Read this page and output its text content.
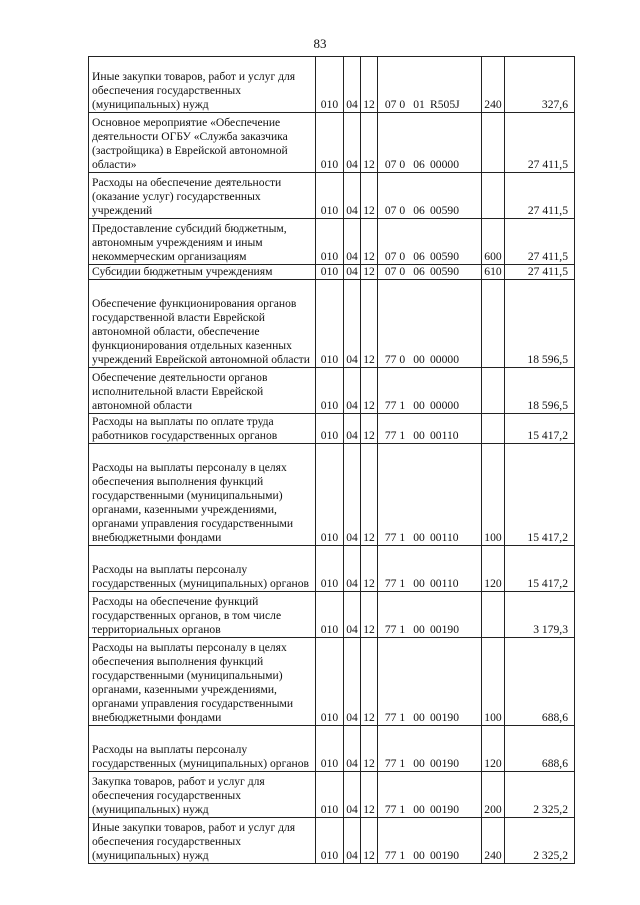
83
Иные закупки товаров, работ и услуг для обеспечения государственных (муниципальных) нужд	010	04	12	07 0 01 R505J	240	327,6
Основное мероприятие «Обеспечение деятельности ОГБУ «Служба заказчика (застройщика) в Еврейской автономной области»	010	04	12	07 0 06 00000		27 411,5
Расходы на обеспечение деятельности (оказание услуг) государственных учреждений	010	04	12	07 0 06 00590		27 411,5
Предоставление субсидий бюджетным, автономным учреждениям и иным некоммерческим организациям	010	04	12	07 0 06 00590	600	27 411,5
Субсидии бюджетным учреждениям	010	04	12	07 0 06 00590	610	27 411,5
Обеспечение функционирования органов государственной власти Еврейской автономной области, обеспечение функционирования отдельных казенных учреждений Еврейской автономной области	010	04	12	77 0 00 00000		18 596,5
Обеспечение деятельности органов исполнительной власти Еврейской автономной области	010	04	12	77 1 00 00000		18 596,5
Расходы на выплаты по оплате труда работников государственных органов	010	04	12	77 1 00 00110		15 417,2
Расходы на выплаты персоналу в целях обеспечения выполнения функций государственными (муниципальными) органами, казенными учреждениями, органами управления государственными внебюджетными фондами	010	04	12	77 1 00 00110	100	15 417,2
Расходы на выплаты персоналу государственных (муниципальных) органов	010	04	12	77 1 00 00110	120	15 417,2
Расходы на обеспечение функций государственных органов, в том числе территориальных органов	010	04	12	77 1 00 00190		3 179,3
Расходы на выплаты персоналу в целях обеспечения выполнения функций государственными (муниципальными) органами, казенными учреждениями, органами управления государственными внебюджетными фондами	010	04	12	77 1 00 00190	100	688,6
Расходы на выплаты персоналу государственных (муниципальных) органов	010	04	12	77 1 00 00190	120	688,6
Закупка товаров, работ и услуг для обеспечения государственных (муниципальных) нужд	010	04	12	77 1 00 00190	200	2 325,2
Иные закупки товаров, работ и услуг для обеспечения государственных (муниципальных) нужд	010	04	12	77 1 00 00190	240	2 325,2
